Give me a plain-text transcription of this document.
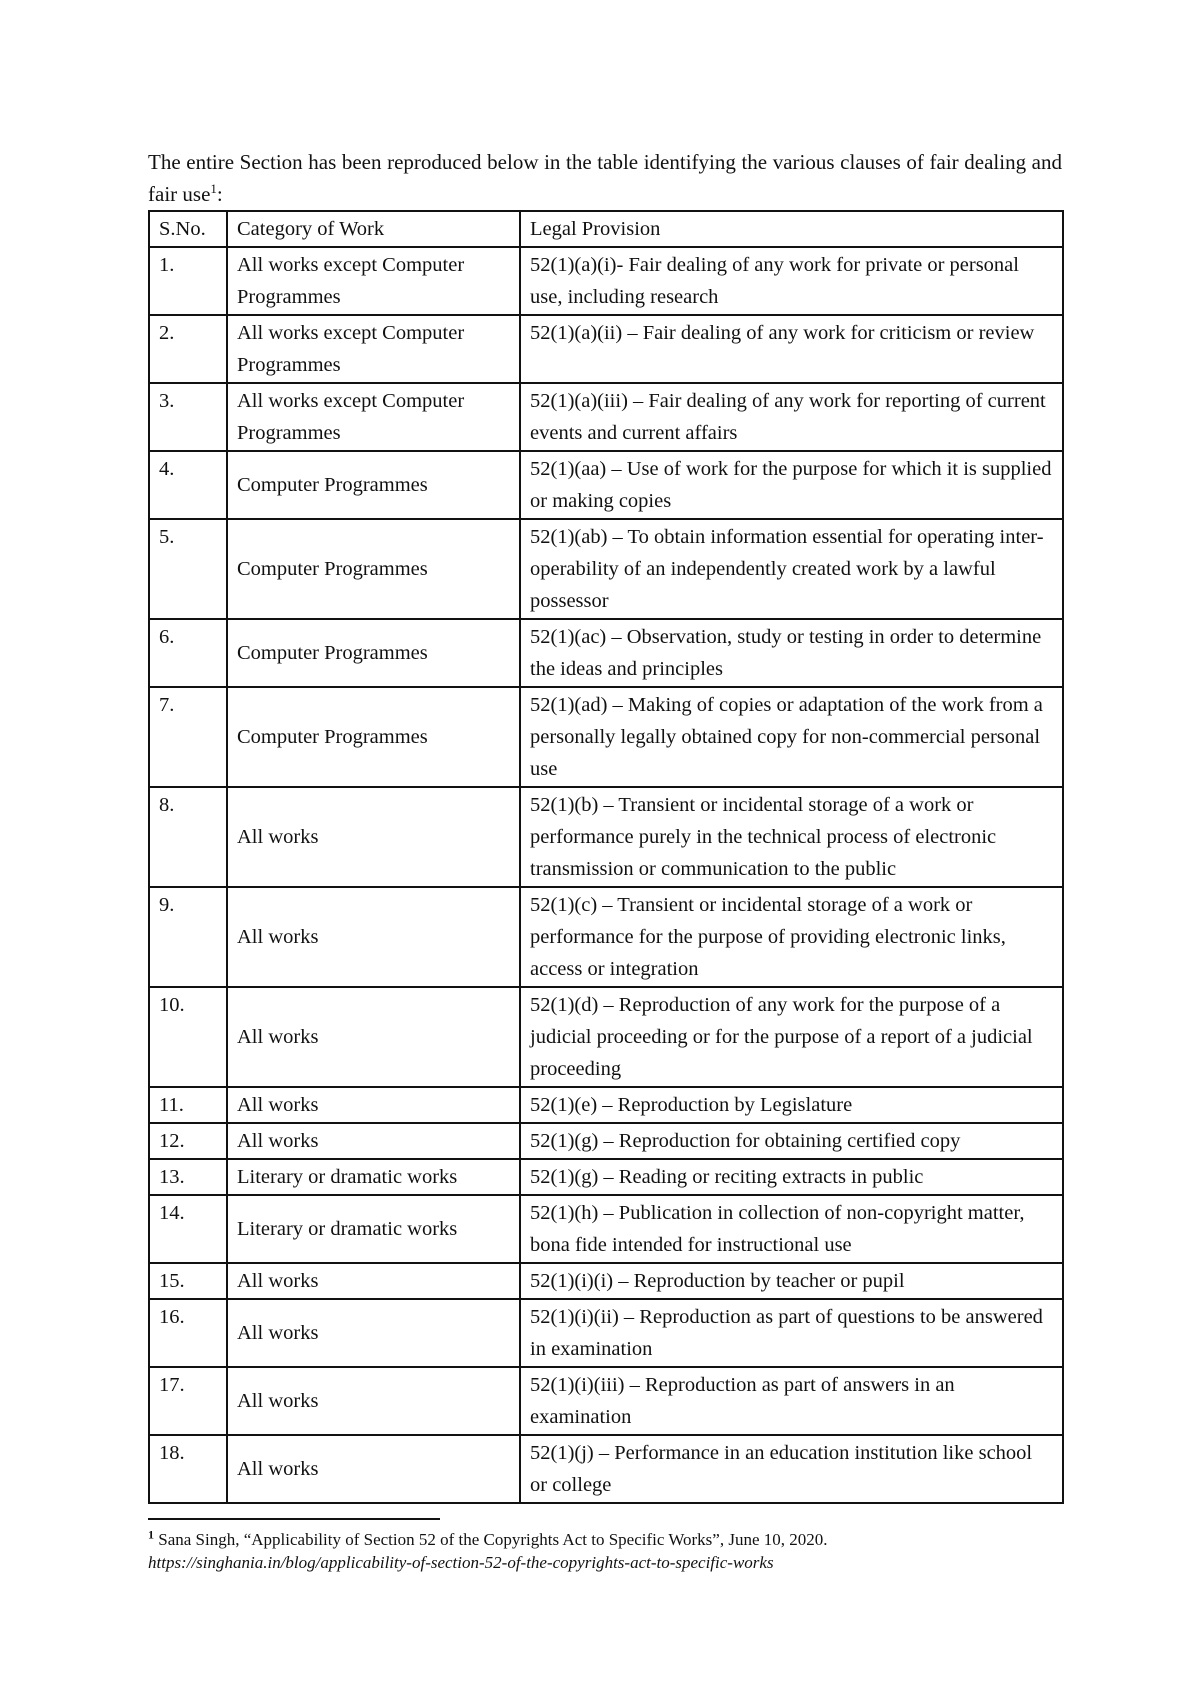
The entire Section has been reproduced below in the table identifying the various clauses of fair dealing and fair use$^1$:

S.No.	Category of Work	Legal Provision
1.	All works except Computer Programmes	52(1)(a)(i)- Fair dealing of any work for private or personal use, including research
2.	All works except Computer Programmes	52(1)(a)(ii) – Fair dealing of any work for criticism or review
3.	All works except Computer Programmes	52(1)(a)(iii) – Fair dealing of any work for reporting of current events and current affairs
4.	Computer Programmes	52(1)(aa) – Use of work for the purpose for which it is supplied or making copies
5.	Computer Programmes	52(1)(ab) – To obtain information essential for operating inter-operability of an independently created work by a lawful possessor
6.	Computer Programmes	52(1)(ac) – Observation, study or testing in order to determine the ideas and principles
7.	Computer Programmes	52(1)(ad) – Making of copies or adaptation of the work from a personally legally obtained copy for non-commercial personal use
8.	All works	52(1)(b) – Transient or incidental storage of a work or performance purely in the technical process of electronic transmission or communication to the public
9.	All works	52(1)(c) – Transient or incidental storage of a work or performance for the purpose of providing electronic links, access or integration
10.	All works	52(1)(d) – Reproduction of any work for the purpose of a judicial proceeding or for the purpose of a report of a judicial proceeding
11.	All works	52(1)(e) – Reproduction by Legislature
12.	All works	52(1)(g) – Reproduction for obtaining certified copy
13.	Literary or dramatic works	52(1)(g) – Reading or reciting extracts in public
14.	Literary or dramatic works	52(1)(h) – Publication in collection of non-copyright matter, bona fide intended for instructional use
15.	All works	52(1)(i)(i) – Reproduction by teacher or pupil
16.	All works	52(1)(i)(ii) – Reproduction as part of questions to be answered in examination
17.	All works	52(1)(i)(iii) – Reproduction as part of answers in an examination
18.	All works	52(1)(j) – Performance in an education institution like school or college
$^1$ Sana Singh, “Applicability of Section 52 of the Copyrights Act to Specific Works”, June 10, 2020.
https://singhania.in/blog/applicability-of-section-52-of-the-copyrights-act-to-specific-works
